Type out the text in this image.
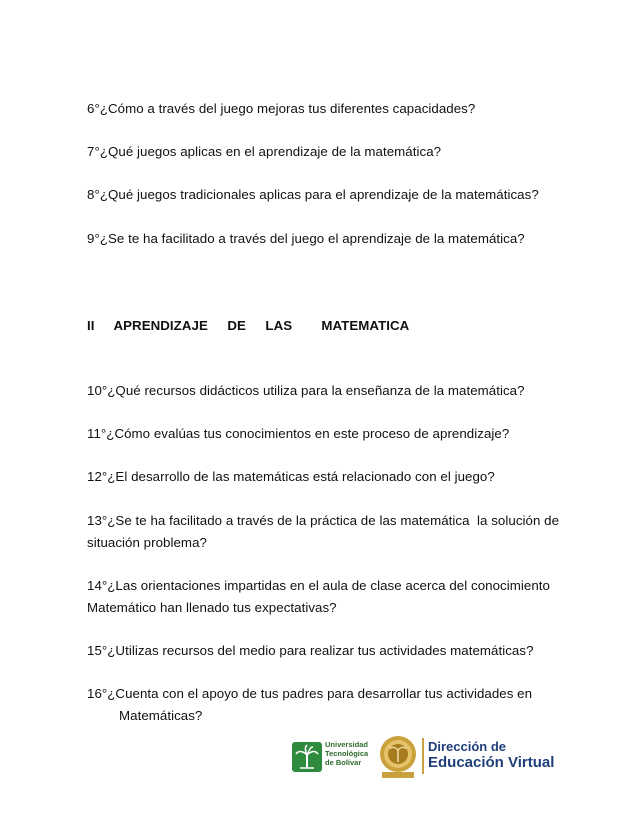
6°¿Cómo a través del juego mejoras tus diferentes capacidades?
7°¿Qué juegos aplicas en el aprendizaje de la matemática?
8°¿Qué juegos tradicionales aplicas para el aprendizaje de la matemáticas?
9°¿Se te ha facilitado a través del juego el aprendizaje de la matemática?
II  APRENDIZAJE  DE  LAS   MATEMATICA
10°¿Qué recursos didácticos utiliza para la enseñanza de la matemática?
11°¿Cómo evalúas tus conocimientos en este proceso de aprendizaje?
12°¿El desarrollo de las matemáticas está relacionado con el juego?
13°¿Se te ha facilitado a través de la práctica de las matemática  la solución de
situación problema?
14°¿Las orientaciones impartidas en el aula de clase acerca del conocimiento
Matemático han llenado tus expectativas?
15°¿Utilizas recursos del medio para realizar tus actividades matemáticas?
16°¿Cuenta con el apoyo de tus padres para desarrollar tus actividades en
Matemáticas?
Universidad
Tecnológica
de Bolívar
Dirección de
Educación Virtual
